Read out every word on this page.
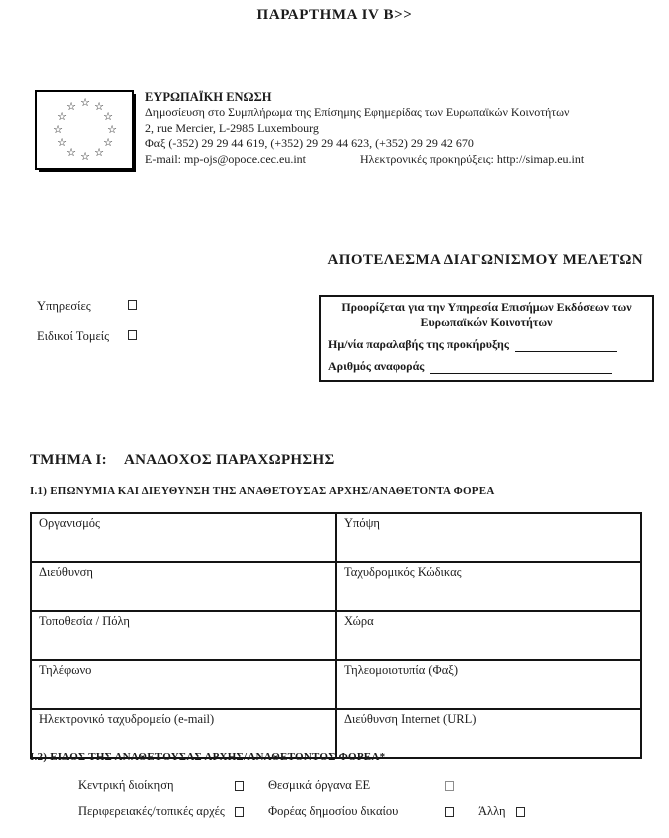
ΠΑΡΑΡΤΗΜΑ IV Β>>
☆ ☆
☆
☆
☆
☆
☆
☆
☆
☆
☆
☆
ΕΥΡΩΠΑΪΚΗ ΕΝΩΣΗ
Δημοσίευση στο Συμπλήρωμα της Επίσημης Εφημερίδας των Ευρωπαϊκών Κοινοτήτων
2, rue Mercier, L-2985 Luxembourg
Φαξ (-352) 29 29 44 619, (+352) 29 29 44 623, (+352) 29 29 42 670
E-mail: mp-ojs@opoce.cec.eu.int	Ηλεκτρονικές προκηρύξεις: http://simap.eu.int
ΑΠΟΤΕΛΕΣΜΑ ΔΙΑΓΩΝΙΣΜΟΥ ΜΕΛΕΤΩΝ
Υπηρεσίες
Ειδικοί Τομείς
Προορίζεται για την Υπηρεσία Επισήμων Εκδόσεων των
Ευρωπαϊκών Κοινοτήτων
Ημ/νία παραλαβής της προκήρυξης
Αριθμός αναφοράς
ΤΜΗΜΑ Ι: ΑΝΑΔΟΧΟΣ ΠΑΡΑΧΩΡΗΣΗΣ
Ι.1) ΕΠΩΝΥΜΙΑ ΚΑΙ ΔΙΕΥΘΥΝΣΗ ΤΗΣ ΑΝΑΘΕΤΟΥΣΑΣ ΑΡΧΗΣ/ΑΝΑΘΕΤΟΝΤΑ ΦΟΡΕΑ
Οργανισμός	Υπόψη
Διεύθυνση	Ταχυδρομικός Κώδικας
Τοποθεσία / Πόλη	Χώρα
Τηλέφωνο	Τηλεομοιοτυπία (Φαξ)
Ηλεκτρονικό ταχυδρομείο (e-mail)	Διεύθυνση Internet (URL)
Ι.2) ΕΙΔΟΣ ΤΗΣ ΑΝΑΘΕΤΟΥΣΑΣ ΑΡΧΗΣ/ΑΝΑΘΕΤΟΝΤΟΣ ΦΟΡΕΑ*
Κεντρική διοίκηση	Θεσμικά όργανα ΕΕ
Περιφερειακές/τοπικές αρχές	Φορέας δημοσίου δικαίου	Άλλη
